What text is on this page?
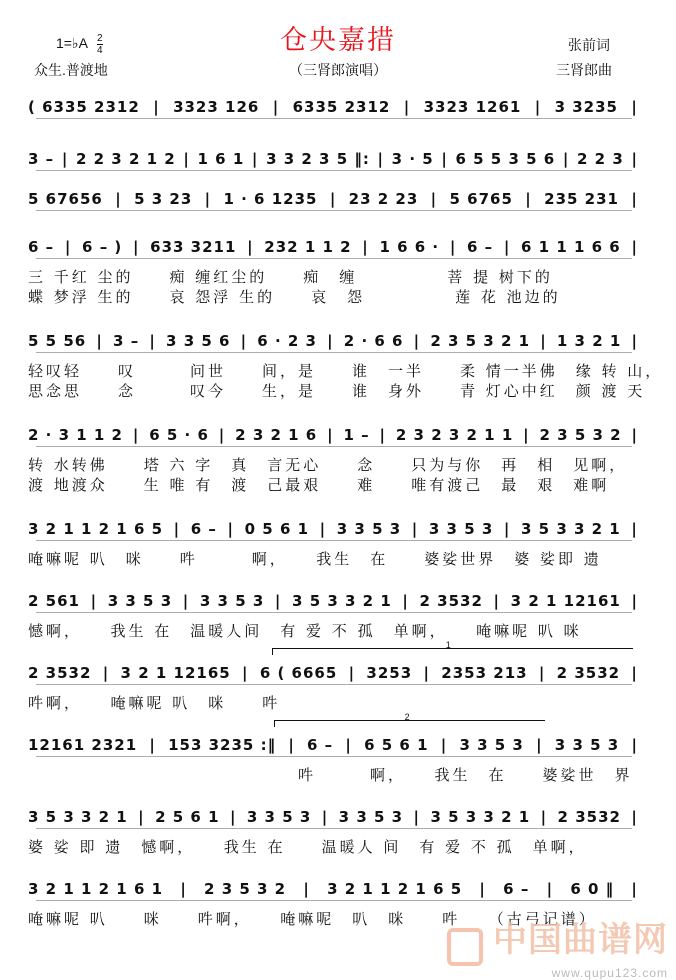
仓央嘉措
1=♭A $\frac{2}{4}$
众生.普渡地	（三肾郎演唱）
张前词
三肾郎曲
( 6335 2312 | 3323 126 | 6335 2312 | 3323 1261 | 3 3235 |
3 – | 2 2 3 2 1 2 | 1 6 1 | 3 3 2 3 5 ‖: | 3 · 5 | 6 5 5 3 5 6 | 2 2 3 |
5 67656 | 5 3 23 | 1 · 6 1235 | 23 2 23 | 5 6765 | 235 231 |
6 – | 6 – ) | 633 3211 | 232 1 1 2 | 1 6 6 · | 6 – | 6 1 1 1 6 6 |
三 千红 尘的　　痴 缠红尘的　　痴　缠　　　　　菩 提 树下的
蝶 梦浮 生的　　哀 怨浮 生的　　哀　怨　　　　　莲 花 池边的
5 5 56 | 3 – | 3 3 5 6 | 6 · 2 3 | 2 · 6 6 | 2 3 5 3 2 1 | 1 3 2 1 |
轻叹轻　　叹　　　问世　　间，是　　谁　一半　　柔 情一半佛　缘 转 山，
思念思　　念　　　叹今　　生，是　　谁　身外　　青 灯心中红　颜 渡 天
2 · 3 1 1 2 | 6 5 · 6 | 2 3 2 1 6 | 1 – | 2 3 2 3 2 1 1 | 2 3 5 3 2 |
转 水转佛　　塔 六 字　真　言无心　　念　　只为与你　再　相　见啊，
渡 地渡众　　生 唯 有　渡　己最艰　　难　　唯有渡己　最　艰　难啊
3 2 1 1 2 1 6 5 | 6 – | 0 5 6 1 | 3 3 5 3 | 3 3 5 3 | 3 5 3 3 2 1 |
唵嘛呢 叭　咪　　吽　　　啊，　　我生　在　　婆娑世界　婆 娑即 遗
2 561 | 3 3 5 3 | 3 3 5 3 | 3 5 3 3 2 1 | 2 3532 | 3 2 1 12161 |
憾啊，　　我生 在　温暖人间　有 爱 不 孤　单啊，　　唵嘛呢 叭 咪
2 3532 | 3 2 1 12165 | 6 ( 6665 | 3253 | 2353 213 | 2 3532 |
吽啊，　　唵嘛呢 叭　咪　　吽
12161 2321 | 153 3235 :‖ | 6 – | 6 5 6 1 | 3 3 5 3 | 3 3 5 3 |
　　　　　　　　　　　　　　　吽　　　啊，　　我生　在　　婆娑世　界
3 5 3 3 2 1 | 2 5 6 1 | 3 3 5 3 | 3 3 5 3 | 3 5 3 3 2 1 | 2 3532 |
婆 娑 即 遗　憾啊，　　我生 在　　温暖人 间　有 爱 不 孤　单啊，
3 2 1 1 2 1 6 1 | 2 3 5 3 2 | 3 2 1 1 2 1 6 5 | 6 – | 6 0 ‖ |
唵嘛呢 叭　　咪　　吽啊，　　唵嘛呢　叭　咪　　吽　　（古弓记谱）
1
2
中国曲谱网
www.qupu123.com
